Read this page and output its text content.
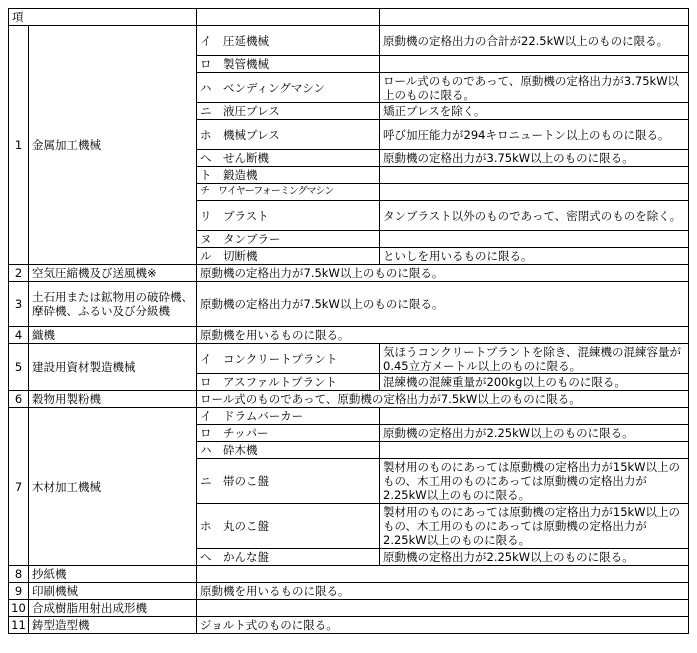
項			
1	金属加工機械	イ　圧延機械	原動機の定格出力の合計が22.5kW以上のものに限る。
		ロ　製管機械	
		ハ　ベンディングマシン	ロール式のものであって、原動機の定格出力が3.75kW以上のものに限る。
		ニ　液圧プレス	矯正プレスを除く。
		ホ　機械プレス	呼び加圧能力が294キロニュートン以上のものに限る。
		へ　せん断機	原動機の定格出力が3.75kW以上のものに限る。
		ト　鍛造機	
		チ　ワイヤーフォーミングマシン	
		リ　ブラスト	タンブラスト以外のものであって、密閉式のものを除く。
		ヌ　タンブラー	
		ル　切断機	といしを用いるものに限る。
2	空気圧縮機及び送風機※	原動機の定格出力が7.5kW以上のものに限る。	
3	土石用または鉱物用の破砕機、摩砕機、ふるい及び分級機	原動機の定格出力が7.5kW以上のものに限る。	
4	織機	原動機を用いるものに限る。	
5	建設用資材製造機械	イ　コンクリートプラント	気ほうコンクリートプラントを除き、混練機の混練容量が0.45立方メートル以上のものに限る。
		ロ　アスファルトプラント	混練機の混練重量が200kg以上のものに限る。
6	穀物用製粉機	ロール式のものであって、原動機の定格出力が7.5kW以上のものに限る。	
7	木材加工機械	イ　ドラムバーカー	
		ロ　チッパー	原動機の定格出力が2.25kW以上のものに限る。
		ハ　砕木機	
		ニ　帯のこ盤	製材用のものにあっては原動機の定格出力が15kW以上のもの、木工用のものにあっては原動機の定格出力が2.25kW以上のものに限る。
		ホ　丸のこ盤	製材用のものにあっては原動機の定格出力が15kW以上のもの、木工用のものにあっては原動機の定格出力が2.25kW以上のものに限る。
		へ　かんな盤	原動機の定格出力が2.25kW以上のものに限る。
8	抄紙機		
9	印刷機械	原動機を用いるものに限る。	
10	合成樹脂用射出成形機		
11	鋳型造型機	ジョルト式のものに限る。	
